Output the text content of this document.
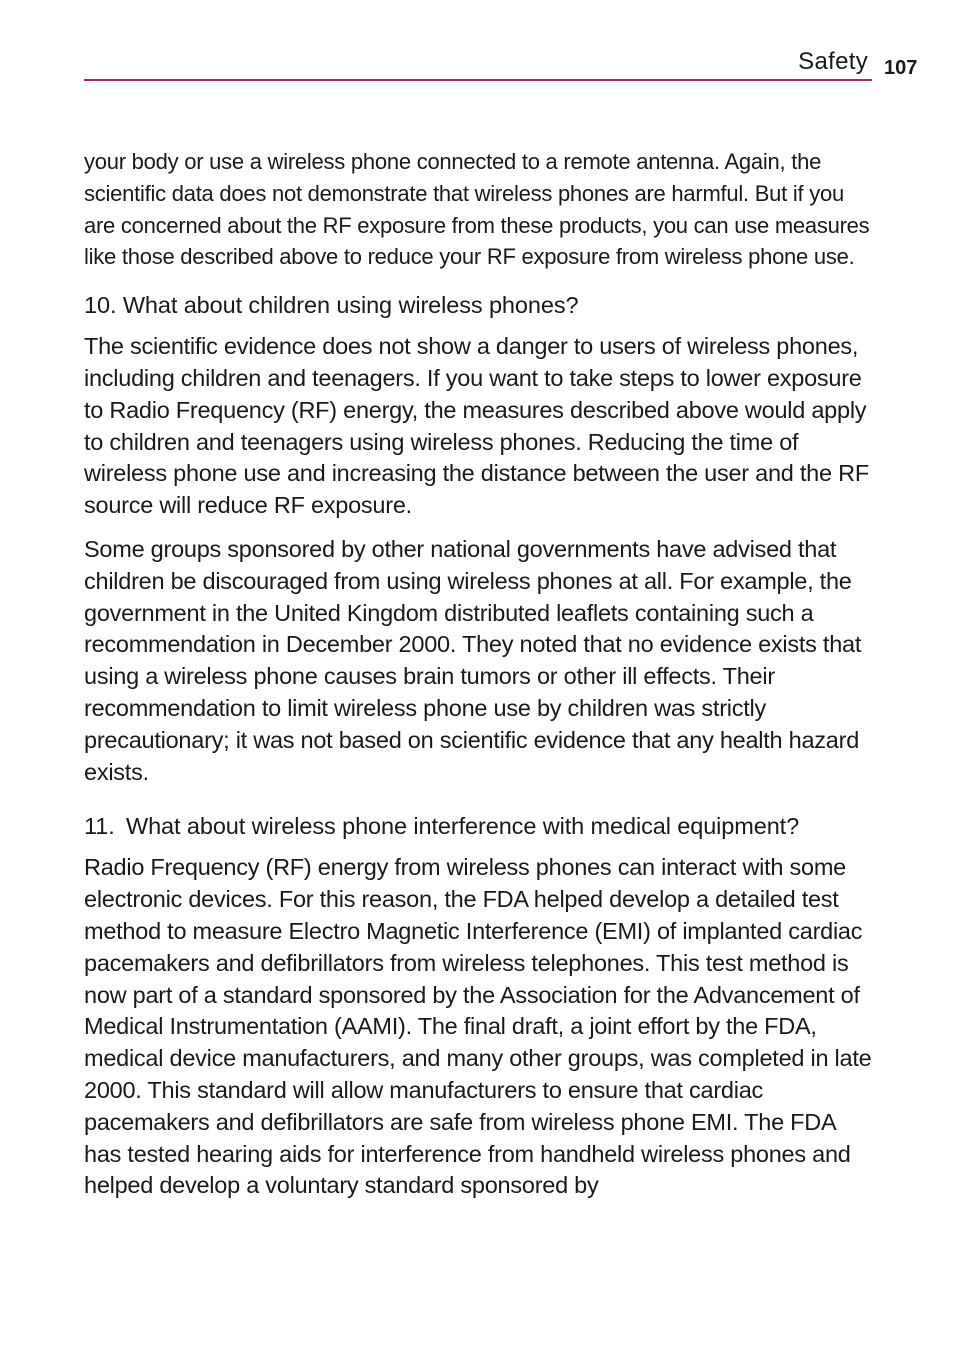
Safety 107

your body or use a wireless phone connected to a remote antenna. Again, the scientific data does not demonstrate that wireless phones are harmful. But if you are concerned about the RF exposure from these products, you can use measures like those described above to reduce your RF exposure from wireless phone use.

10. What about children using wireless phones?

The scientific evidence does not show a danger to users of wireless phones, including children and teenagers. If you want to take steps to lower exposure to Radio Frequency (RF) energy, the measures described above would apply to children and teenagers using wireless phones. Reducing the time of wireless phone use and increasing the distance between the user and the RF source will reduce RF exposure.

Some groups sponsored by other national governments have advised that children be discouraged from using wireless phones at all. For example, the government in the United Kingdom distributed leaflets containing such a recommendation in December 2000. They noted that no evidence exists that using a wireless phone causes brain tumors or other ill effects. Their recommendation to limit wireless phone use by children was strictly precautionary; it was not based on scientific evidence that any health hazard exists.

11. What about wireless phone interference with medical equipment?

Radio Frequency (RF) energy from wireless phones can interact with some electronic devices. For this reason, the FDA helped develop a detailed test method to measure Electro Magnetic Interference (EMI) of implanted cardiac pacemakers and defibrillators from wireless telephones. This test method is now part of a standard sponsored by the Association for the Advancement of Medical Instrumentation (AAMI). The final draft, a joint effort by the FDA, medical device manufacturers, and many other groups, was completed in late 2000. This standard will allow manufacturers to ensure that cardiac pacemakers and defibrillators are safe from wireless phone EMI. The FDA has tested hearing aids for interference from handheld wireless phones and helped develop a voluntary standard sponsored by
